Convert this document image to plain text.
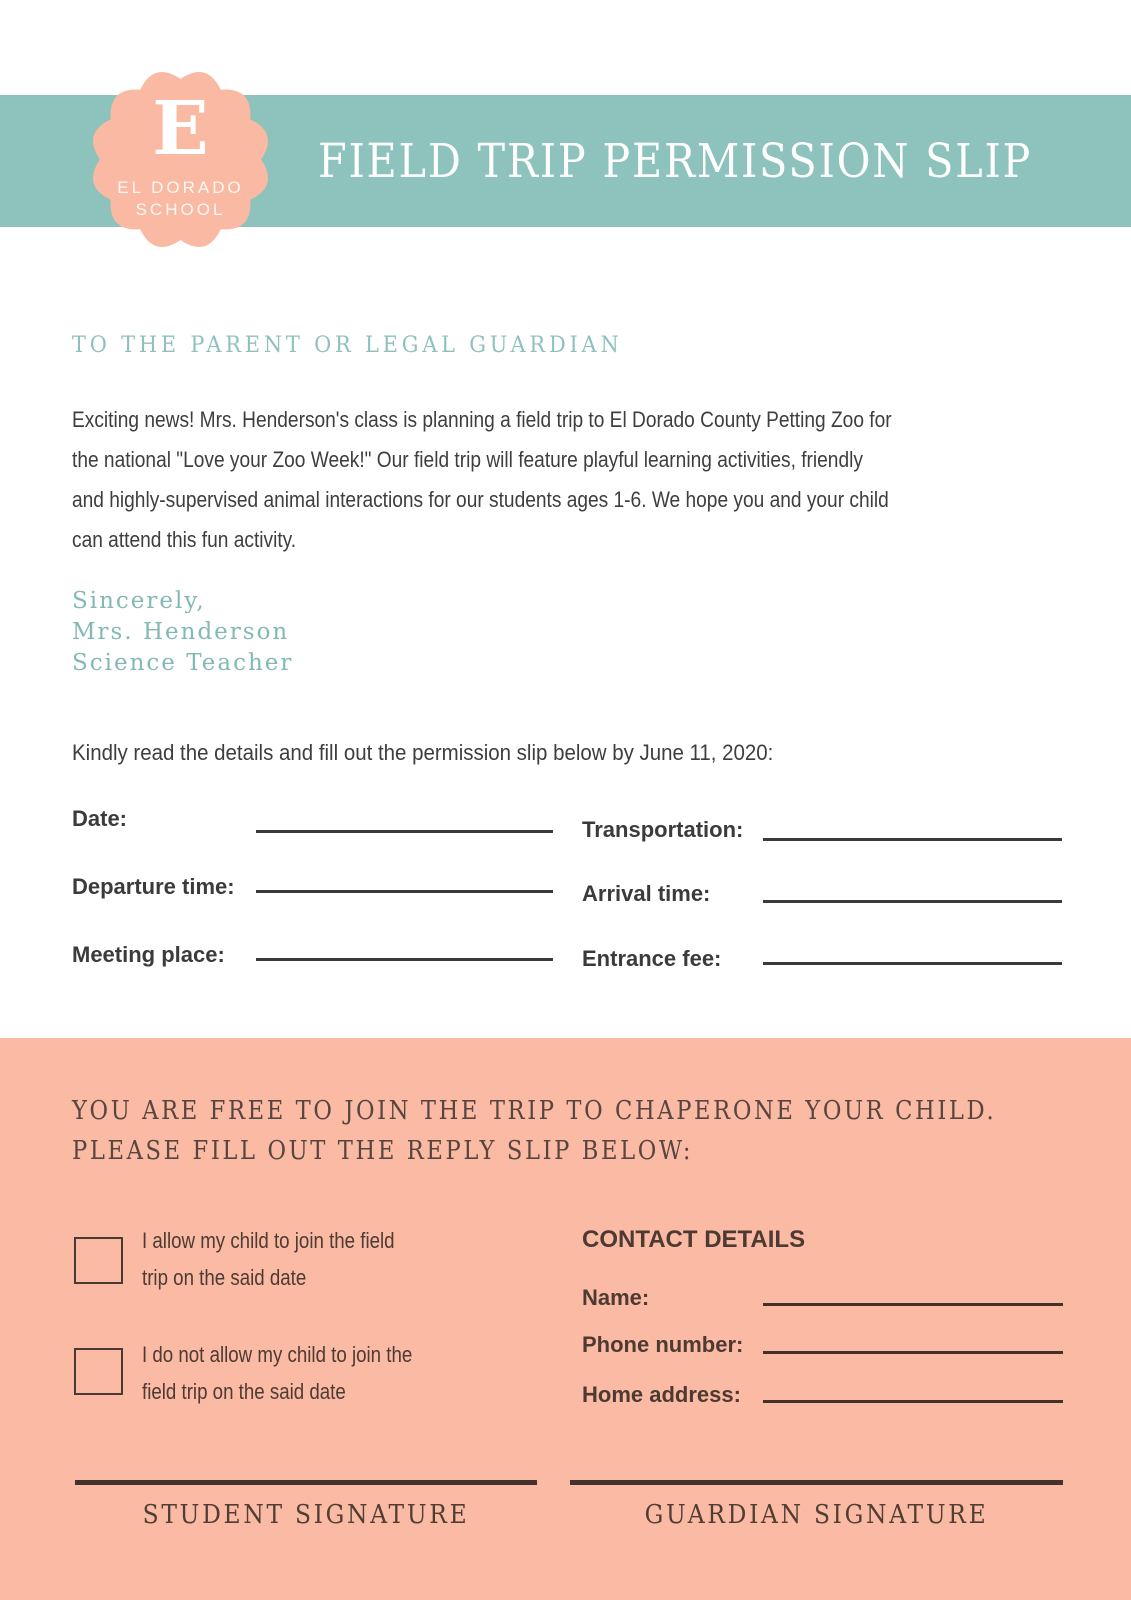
FIELD TRIP PERMISSION SLIP
E
EL DORADO
SCHOOL
TO THE PARENT OR LEGAL GUARDIAN
Exciting news! Mrs. Henderson's class is planning a field trip to El Dorado County Petting Zoo for
the national "Love your Zoo Week!" Our field trip will feature playful learning activities, friendly
and highly-supervised animal interactions for our students ages 1-6. We hope you and your child
can attend this fun activity.
Sincerely,
Mrs. Henderson
Science Teacher
Kindly read the details and fill out the permission slip below by June 11, 2020:
Date:
Departure time:
Meeting place:
Transportation:
Arrival time:
Entrance fee:
YOU ARE FREE TO JOIN THE TRIP TO CHAPERONE YOUR CHILD.
PLEASE FILL OUT THE REPLY SLIP BELOW:
I allow my child to join the field
trip on the said date
I do not allow my child to join the
field trip on the said date
CONTACT DETAILS
Name:
Phone number:
Home address:
STUDENT SIGNATURE	GUARDIAN SIGNATURE
